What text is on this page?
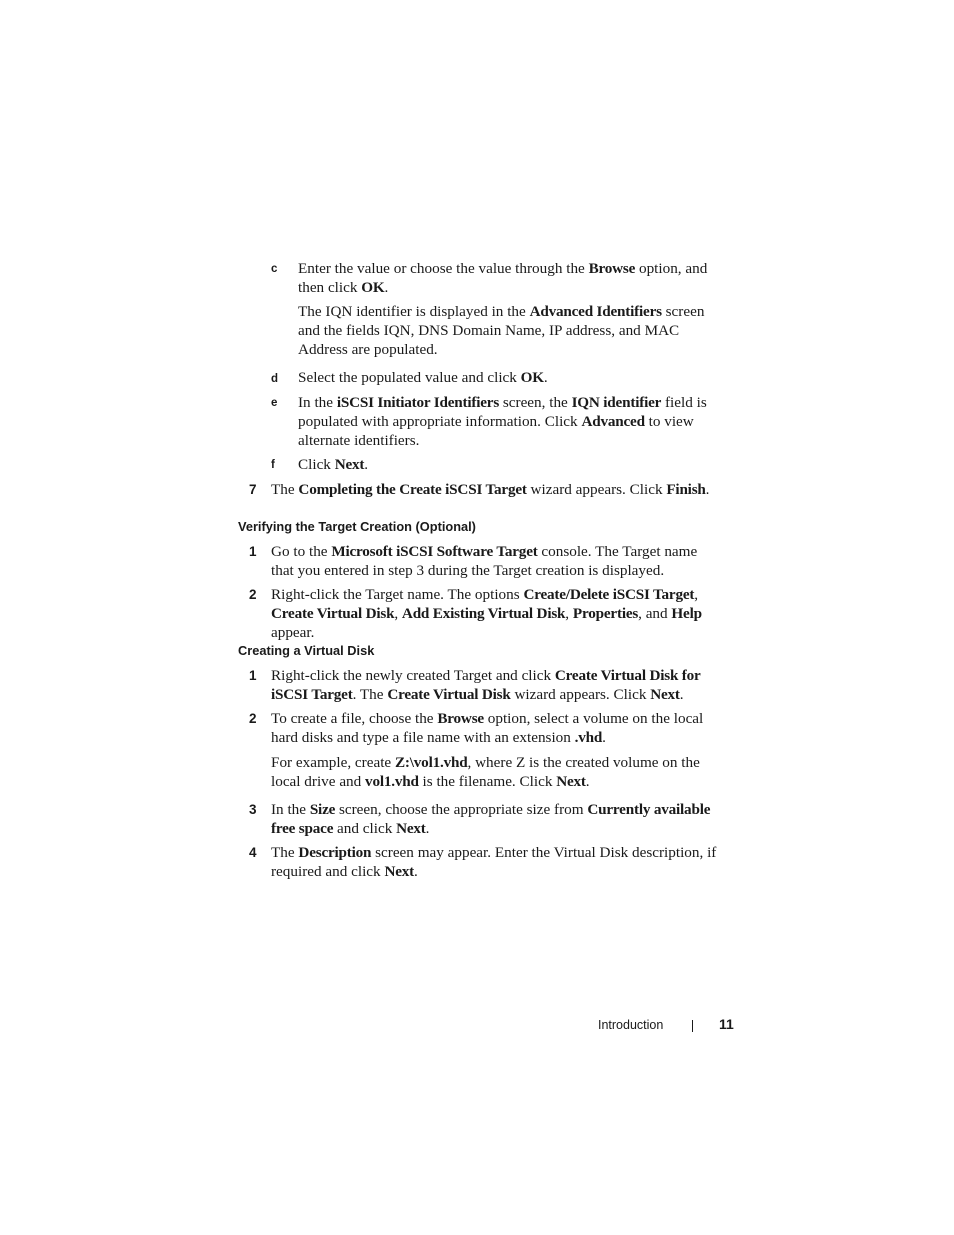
c Enter the value or choose the value through the Browse option, and then click OK.

The IQN identifier is displayed in the Advanced Identifiers screen and the fields IQN, DNS Domain Name, IP address, and MAC Address are populated.

d Select the populated value and click OK.

e In the iSCSI Initiator Identifiers screen, the IQN identifier field is populated with appropriate information. Click Advanced to view alternate identifiers.

f Click Next.

7 The Completing the Create iSCSI Target wizard appears. Click Finish.

Verifying the Target Creation (Optional)
1 Go to the Microsoft iSCSI Software Target console. The Target name that you entered in step 3 during the Target creation is displayed.

2 Right-click the Target name. The options Create/Delete iSCSI Target, Create Virtual Disk, Add Existing Virtual Disk, Properties, and Help appear.

Creating a Virtual Disk
1 Right-click the newly created Target and click Create Virtual Disk for iSCSI Target. The Create Virtual Disk wizard appears. Click Next.

2 To create a file, choose the Browse option, select a volume on the local hard disks and type a file name with an extension .vhd.

For example, create Z:\vol1.vhd, where Z is the created volume on the local drive and vol1.vhd is the filename. Click Next.

3 In the Size screen, choose the appropriate size from Currently available free space and click Next.

4 The Description screen may appear. Enter the Virtual Disk description, if required and click Next.

Introduction	11
